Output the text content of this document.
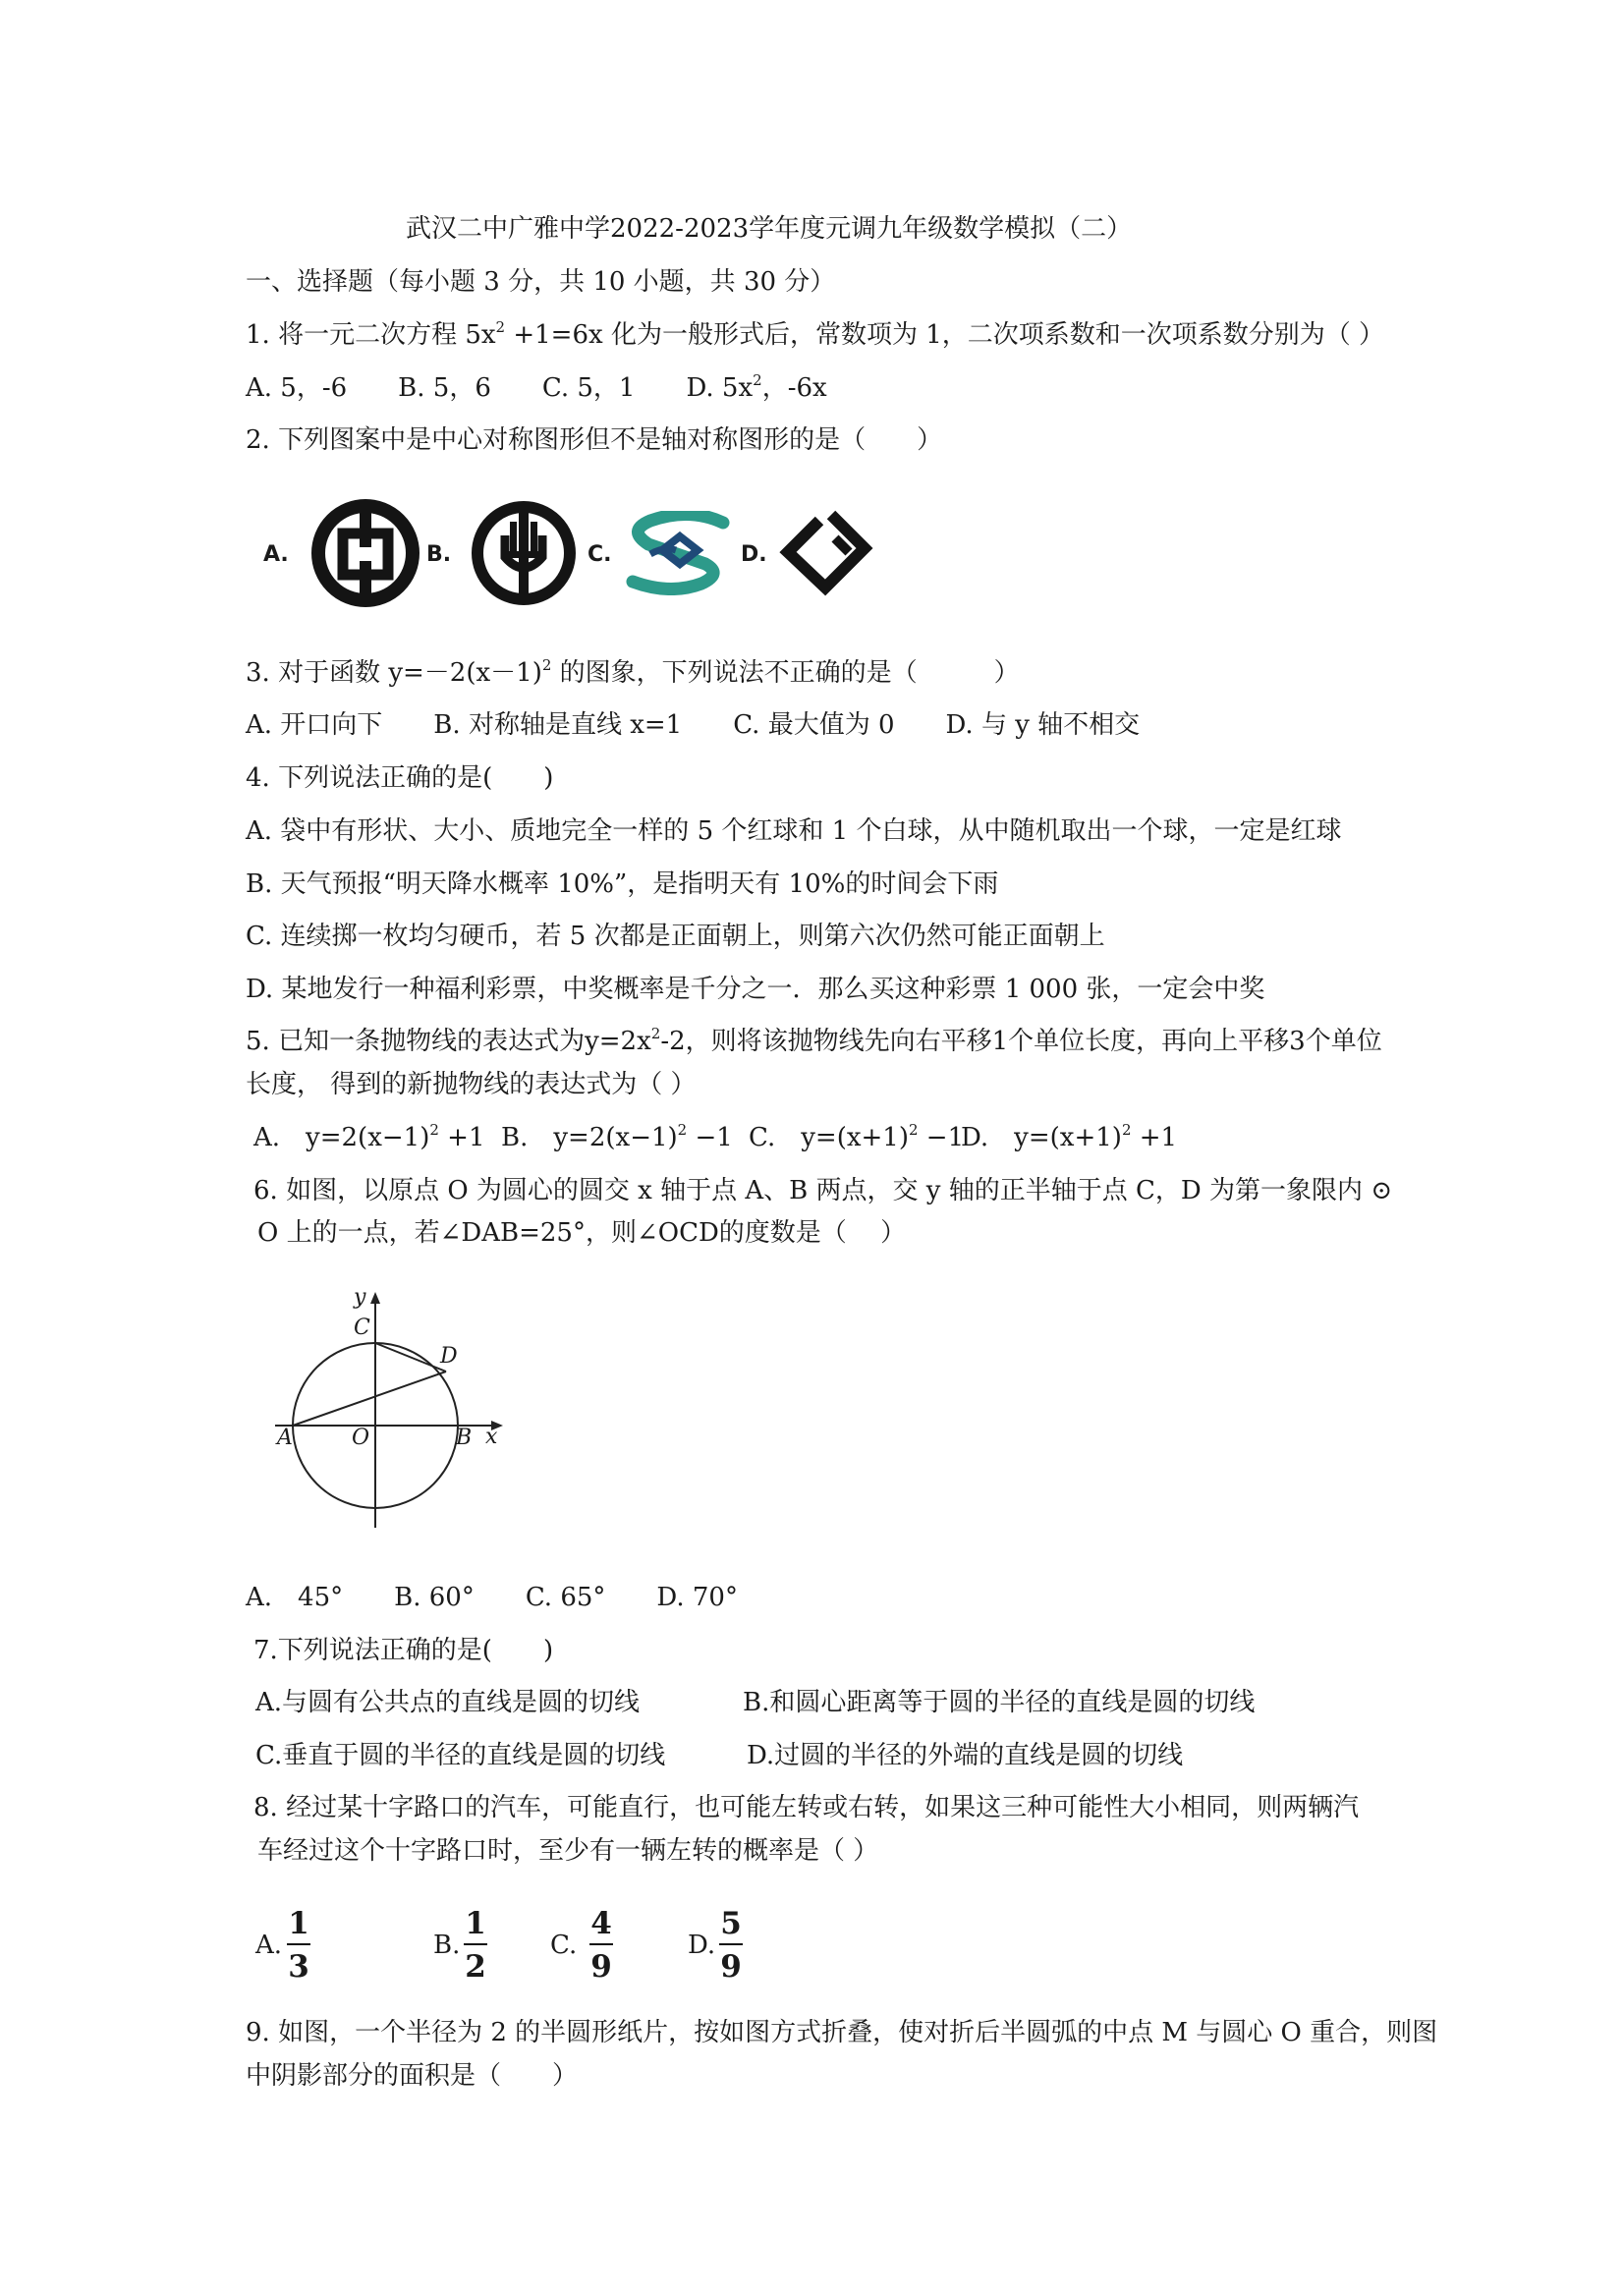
武汉二中广雅中学2022-2023学年度元调九年级数学模拟（二）
一、选择题（每小题 3 分，共 10 小题，共 30 分）
1. 将一元二次方程 $5x^2 +1=6x$ 化为一般形式后，常数项为 1，二次项系数和一次项系数分别为（ ）
A. 5，-6　　B. 5，6　　C. 5，1　　D. $5x^2$，-6x
2. 下列图案中是中心对称图形但不是轴对称图形的是（　　）
A.	B.	C.	D.
3. 对于函数 $y=-2(x-1)^2$ 的图象，下列说法不正确的是（　　　）
A. 开口向下　　B. 对称轴是直线 x=1　　C. 最大值为 0　　D. 与 y 轴不相交
4. 下列说法正确的是(　　)
A. 袋中有形状、大小、质地完全一样的 5 个红球和 1 个白球，从中随机取出一个球，一定是红球
B. 天气预报“明天降水概率 10%”，是指明天有 10%的时间会下雨
C. 连续掷一枚均匀硬币，若 5 次都是正面朝上，则第六次仍然可能正面朝上
D. 某地发行一种福利彩票，中奖概率是千分之一．那么买这种彩票 1 000 张，一定会中奖
5. 已知一条抛物线的表达式为$y=2x^2-2$，则将该抛物线先向右平移1个单位长度，再向上平移3个单位
长度， 得到的新抛物线的表达式为（ ）
A.　$y=2(x-1)^2 +1$ B.　$y=2(x-1)^2 -1$ C.　$y=(x+1)^2 -1$
D.　$y=(x+1)^2 +1$
6. 如图，以原点 O 为圆心的圆交 x 轴于点 A、B 两点，交 y 轴的正半轴于点 C，D 为第一象限内 ⊙
O 上的一点，若∠DAB=25°，则∠OCD的度数是（　 ）
y
C
D
A	O	B x
A.　45°　　B. 60°　　C. 65°　　D. 70°
7.下列说法正确的是(　　)
A.与圆有公共点的直线是圆的切线	B.和圆心距离等于圆的半径的直线是圆的切线
C.垂直于圆的半径的直线是圆的切线	D.过圆的半径的外端的直线是圆的切线
8. 经过某十字路口的汽车，可能直行，也可能左转或右转，如果这三种可能性大小相同，则两辆汽
车经过这个十字路口时，至少有一辆左转的概率是（ ）
A.
1
3
B.
1
2
C.
4
9
D.
5
9
9. 如图，一个半径为 2 的半圆形纸片，按如图方式折叠，使对折后半圆弧的中点 M 与圆心 O 重合，则图
中阴影部分的面积是（　　）
